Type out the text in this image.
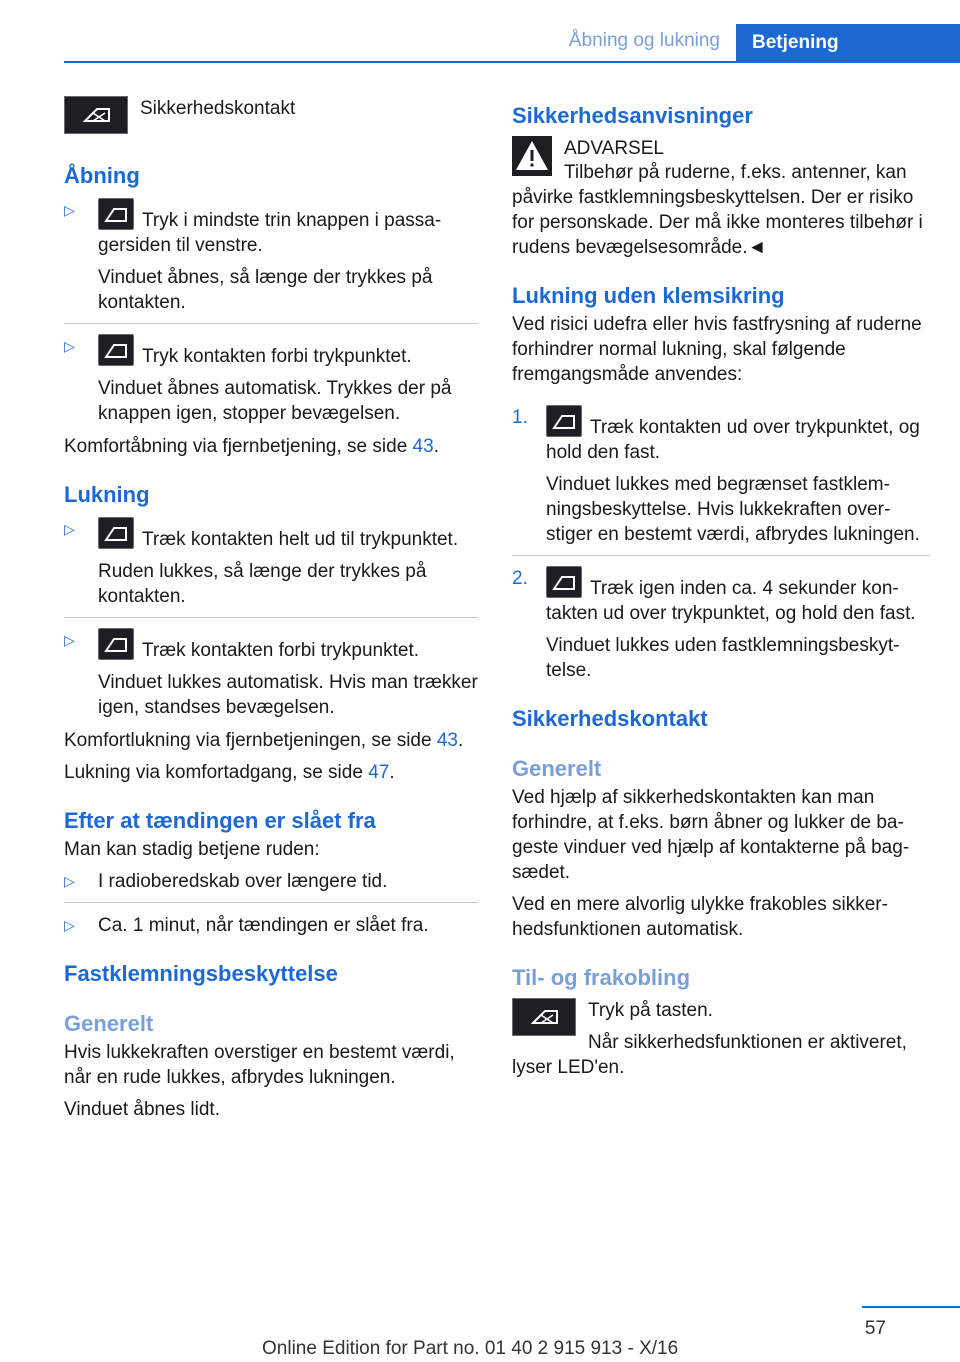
Åbning og lukning	Betjening
Sikkerhedskontakt
Åbning
▷	Tryk i mindste trin knappen i passagersiden til venstre.

Vinduet åbnes, så længe der trykkes på kontakten.

▷	Tryk kontakten forbi trykpunktet.

Vinduet åbnes automatisk. Trykkes der på knappen igen, stopper bevægelsen.

Komfortåbning via fjernbetjening, se side 43.

Lukning
▷	Træk kontakten helt ud til trykpunktet.

Ruden lukkes, så længe der trykkes på kontakten.

▷	Træk kontakten forbi trykpunktet.

Vinduet lukkes automatisk. Hvis man trækker igen, standses bevægelsen.

Komfortlukning via fjernbetjeningen, se side 43.

Lukning via komfortadgang, se side 47.

Efter at tændingen er slået fra

Man kan stadig betjene ruden:

▷ I radioberedskab over længere tid.

▷ Ca. 1 minut, når tændingen er slået fra.

Fastklemningsbeskyttelse
Generelt

Hvis lukkekraften overstiger en bestemt værdi, når en rude lukkes, afbrydes lukningen.

Vinduet åbnes lidt.

Sikkerhedsanvisninger

ADVARSEL

Tilbehør på ruderne, f.eks. antenner, kan påvirke fastklemningsbeskyttelsen. Der er risiko for personskade. Der må ikke monteres tilbehør i rudens bevægelsesområde.◄

Lukning uden klemsikring

Ved risici udefra eller hvis fastfrysning af ruderne forhindrer normal lukning, skal følgende fremgangsmåde anvendes:

1.	Træk kontakten ud over trykpunktet, og hold den fast.

Vinduet lukkes med begrænset fastklemningsbeskyttelse. Hvis lukkekraften overstiger en bestemt værdi, afbrydes lukningen.

2.	Træk igen inden ca. 4 sekunder kontakten ud over trykpunktet, og hold den fast.

Vinduet lukkes uden fastklemningsbeskyttelse.

Sikkerhedskontakt
Generelt

Ved hjælp af sikkerhedskontakten kan man forhindre, at f.eks. børn åbner og lukker de bageste vinduer ved hjælp af kontakterne på bagsædet.

Ved en mere alvorlig ulykke frakobles sikkerhedsfunktionen automatisk.

Til- og frakobling

Tryk på tasten.

Når sikkerhedsfunktionen er aktiveret, lyser LED'en.

57
Online Edition for Part no. 01 40 2 915 913 - X/16
